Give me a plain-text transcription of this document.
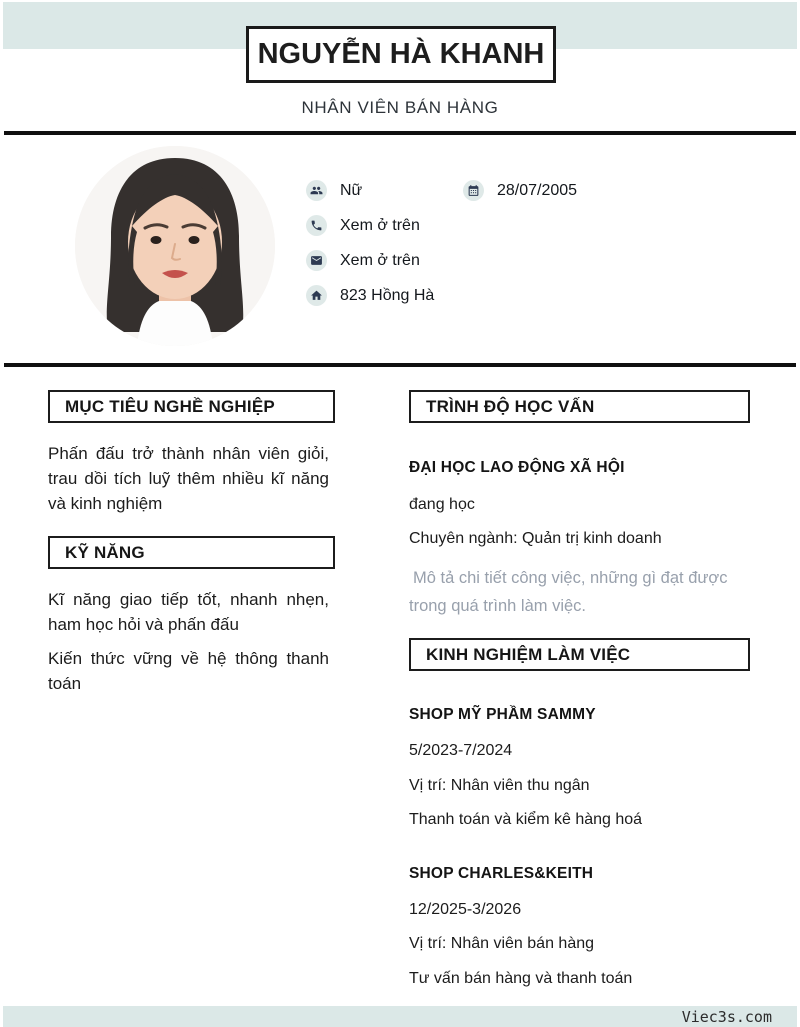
NGUYỄN HÀ KHANH
NHÂN VIÊN BÁN HÀNG
Nữ	28/07/2005
Xem ở trên
Xem ở trên
823 Hồng Hà
MỤC TIÊU NGHỀ NGHIỆP

Phấn đấu trở thành nhân viên giỏi, trau dồi tích luỹ thêm nhiều kĩ năng và kinh nghiệm

KỸ NĂNG

Kĩ năng giao tiếp tốt, nhanh nhẹn, ham học hỏi và phấn đấu

Kiến thức vững về hệ thông thanh toán

TRÌNH ĐỘ HỌC VẤN
ĐẠI HỌC LAO ĐỘNG XÃ HỘI
đang học
Chuyên ngành: Quản trị kinh doanh
Mô tả chi tiết công việc, những gì đạt được trong quá trình làm việc.
KINH NGHIỆM LÀM VIỆC
SHOP MỸ PHẦM SAMMY
5/2023-7/2024
Vị trí: Nhân viên thu ngân
Thanh toán và kiểm kê hàng hoá
SHOP CHARLES&KEITH
12/2025-3/2026
Vị trí: Nhân viên bán hàng
Tư vấn bán hàng và thanh toán
Viec3s.com
